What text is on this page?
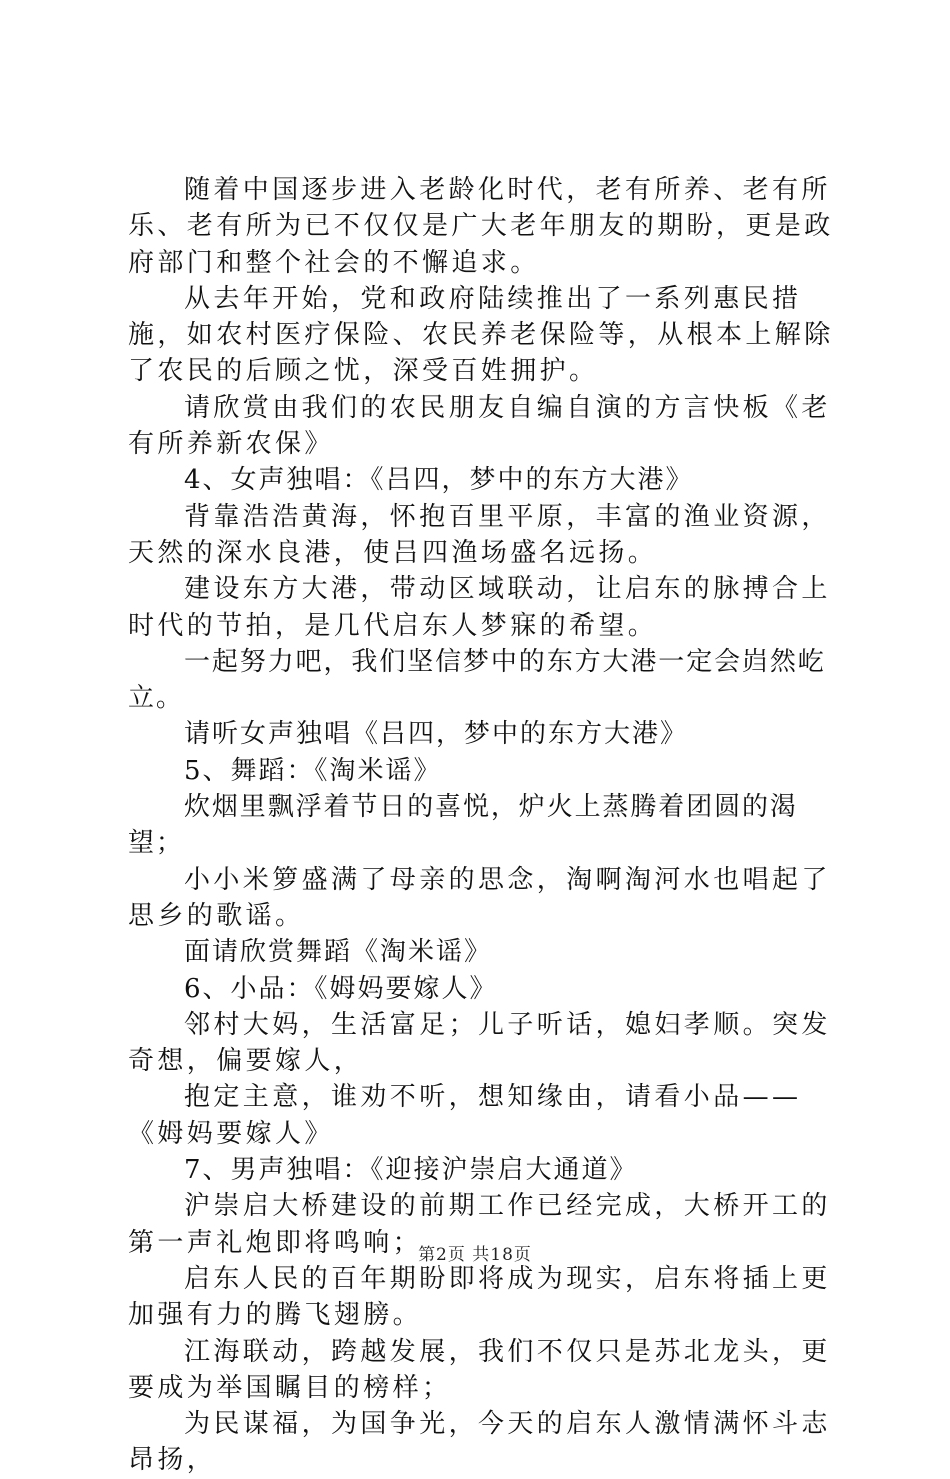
随着中国逐步进入老龄化时代，老有所养、老有所乐、老有所为已不仅仅是广大老年朋友的期盼，更是政府部门和整个社会的不懈追求。

从去年开始，党和政府陆续推出了一系列惠民措施，如农村医疗保险、农民养老保险等，从根本上解除了农民的后顾之忧，深受百姓拥护。

请欣赏由我们的农民朋友自编自演的方言快板《老有所养新农保》

4、女声独唱：《吕四，梦中的东方大港》

背靠浩浩黄海，怀抱百里平原，丰富的渔业资源，天然的深水良港，使吕四渔场盛名远扬。

建设东方大港，带动区域联动，让启东的脉搏合上时代的节拍，是几代启东人梦寐的希望。

一起努力吧，我们坚信梦中的东方大港一定会岿然屹立。

请听女声独唱《吕四，梦中的东方大港》

5、舞蹈：《淘米谣》

炊烟里飘浮着节日的喜悦，炉火上蒸腾着团圆的渴望；

小小米箩盛满了母亲的思念，淘啊淘河水也唱起了思乡的歌谣。

面请欣赏舞蹈《淘米谣》

6、小品：《姆妈要嫁人》

邻村大妈，生活富足；儿子听话，媳妇孝顺。突发奇想，偏要嫁人，

抱定主意，谁劝不听，想知缘由，请看小品——《姆妈要嫁人》

7、男声独唱：《迎接沪崇启大通道》

沪崇启大桥建设的前期工作已经完成，大桥开工的第一声礼炮即将鸣响；

启东人民的百年期盼即将成为现实，启东将插上更加强有力的腾飞翅膀。

江海联动，跨越发展，我们不仅只是苏北龙头，更要成为举国瞩目的榜样；

为民谋福，为国争光，今天的启东人激情满怀斗志昂扬，

第2页 共18页
